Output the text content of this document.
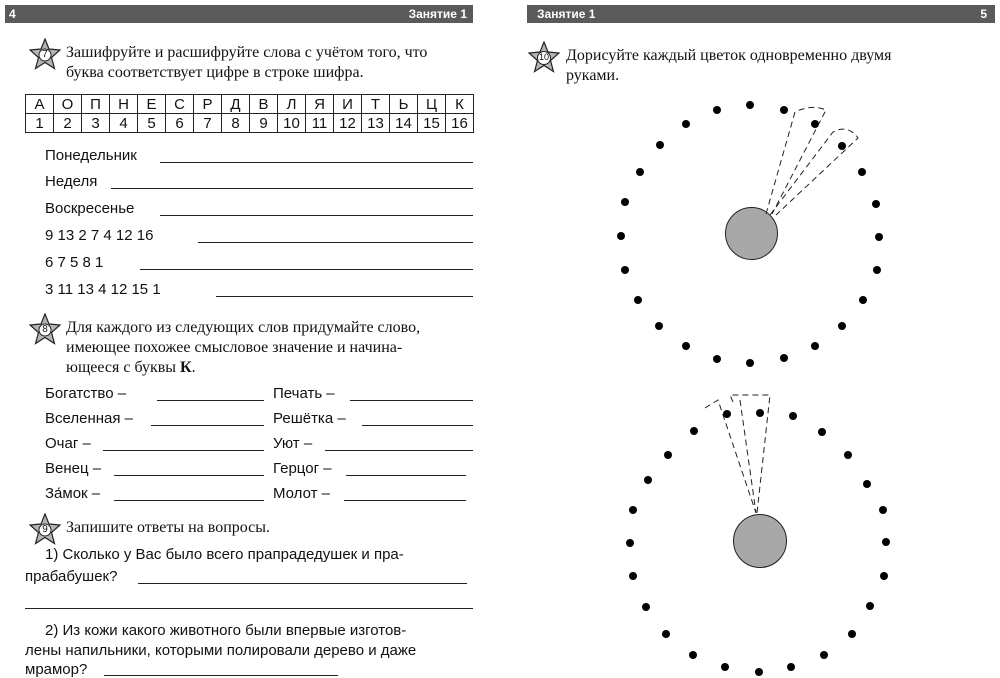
4	Занятие 1	Занятие 1	5
7	Зашифруйте и расшифруйте слова с учётом того, что
буква соответствует цифре в строке шифра.
А	О	П	Н	Е	С	Р	Д	В	Л	Я	И	Т	Ь	Ц	К
1	2	3	4	5	6	7	8	9	10	11	12	13	14	15	16
Понедельник
Неделя
Воскресенье
9 13 2 7 4 12 16
6 7 5 8 1
3 11 13 4 12 15 1
8	Для каждого из следующих слов придумайте слово,
имеющее похожее смысловое значение и начина-
ющееся с буквы К.
Богатство –
Вселенная –
Очаг –
Венец –
За́мок –
Печать –
Решётка –
Уют –
Герцог –
Молот –
9	Запишите ответы на вопросы.
1) Сколько у Вас было всего прапрадедушек и пра-
прабабушек?
2) Из кожи какого животного были впервые изготов-
лены напильники, которыми полировали дерево и даже
мрамор?
10	Дорисуйте каждый цветок одновременно двумя
руками.
